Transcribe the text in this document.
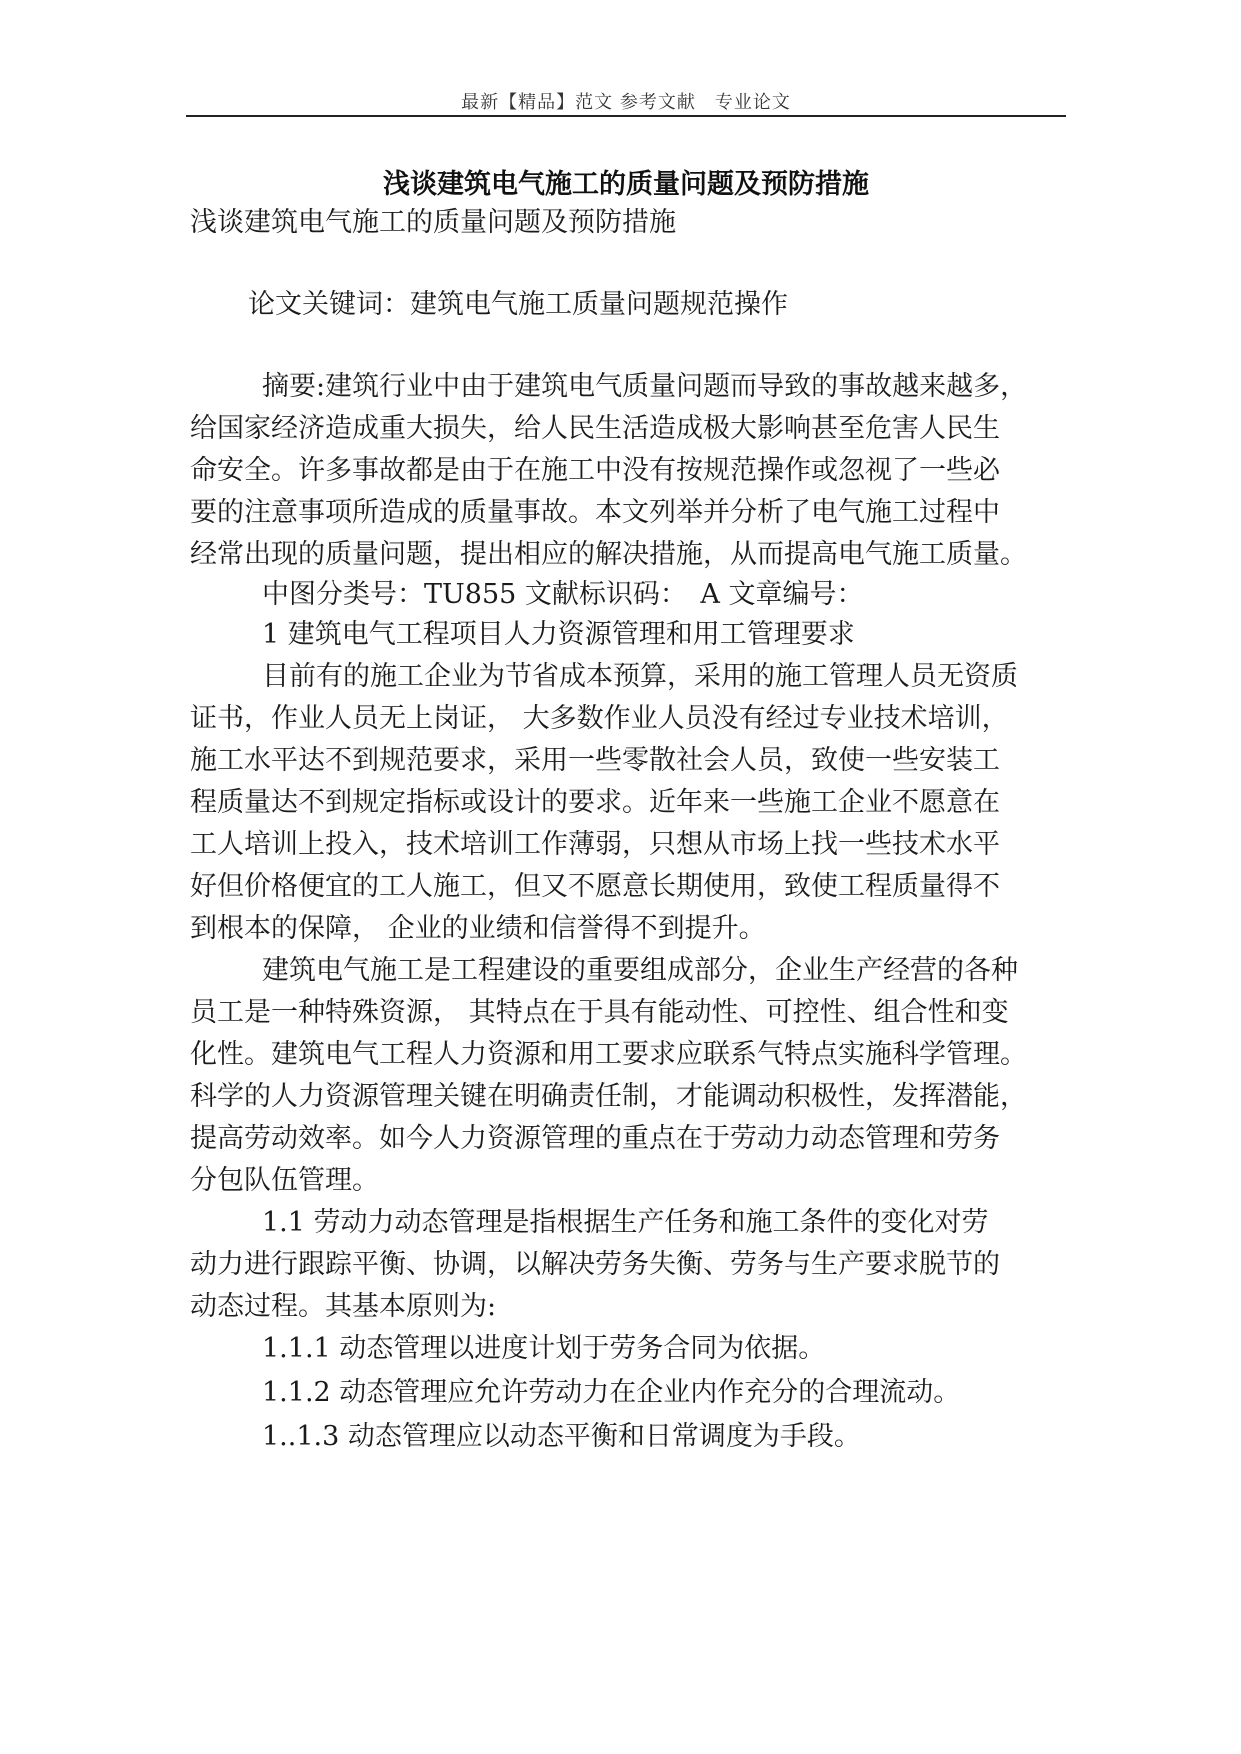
最新【精品】范文 参考文献　专业论文
浅谈建筑电气施工的质量问题及预防措施
浅谈建筑电气施工的质量问题及预防措施
论文关键词：建筑电气施工质量问题规范操作
摘要:建筑行业中由于建筑电气质量问题而导致的事故越来越多，
给国家经济造成重大损失，给人民生活造成极大影响甚至危害人民生
命安全。许多事故都是由于在施工中没有按规范操作或忽视了一些必
要的注意事项所造成的质量事故。本文列举并分析了电气施工过程中
经常出现的质量问题，提出相应的解决措施，从而提高电气施工质量。
中图分类号：TU855 文献标识码：　A 文章编号：
1 建筑电气工程项目人力资源管理和用工管理要求
目前有的施工企业为节省成本预算，采用的施工管理人员无资质
证书，作业人员无上岗证， 大多数作业人员没有经过专业技术培训，
施工水平达不到规范要求，采用一些零散社会人员，致使一些安装工
程质量达不到规定指标或设计的要求。近年来一些施工企业不愿意在
工人培训上投入，技术培训工作薄弱，只想从市场上找一些技术水平
好但价格便宜的工人施工，但又不愿意长期使用，致使工程质量得不
到根本的保障， 企业的业绩和信誉得不到提升。
建筑电气施工是工程建设的重要组成部分，企业生产经营的各种
员工是一种特殊资源， 其特点在于具有能动性、可控性、组合性和变
化性。建筑电气工程人力资源和用工要求应联系气特点实施科学管理。
科学的人力资源管理关键在明确责任制，才能调动积极性，发挥潜能，
提高劳动效率。如今人力资源管理的重点在于劳动力动态管理和劳务
分包队伍管理。
1.1 劳动力动态管理是指根据生产任务和施工条件的变化对劳
动力进行跟踪平衡、协调，以解决劳务失衡、劳务与生产要求脱节的
动态过程。其基本原则为:
1.1.1 动态管理以进度计划于劳务合同为依据。
1.1.2 动态管理应允许劳动力在企业内作充分的合理流动。
1..1.3 动态管理应以动态平衡和日常调度为手段。
